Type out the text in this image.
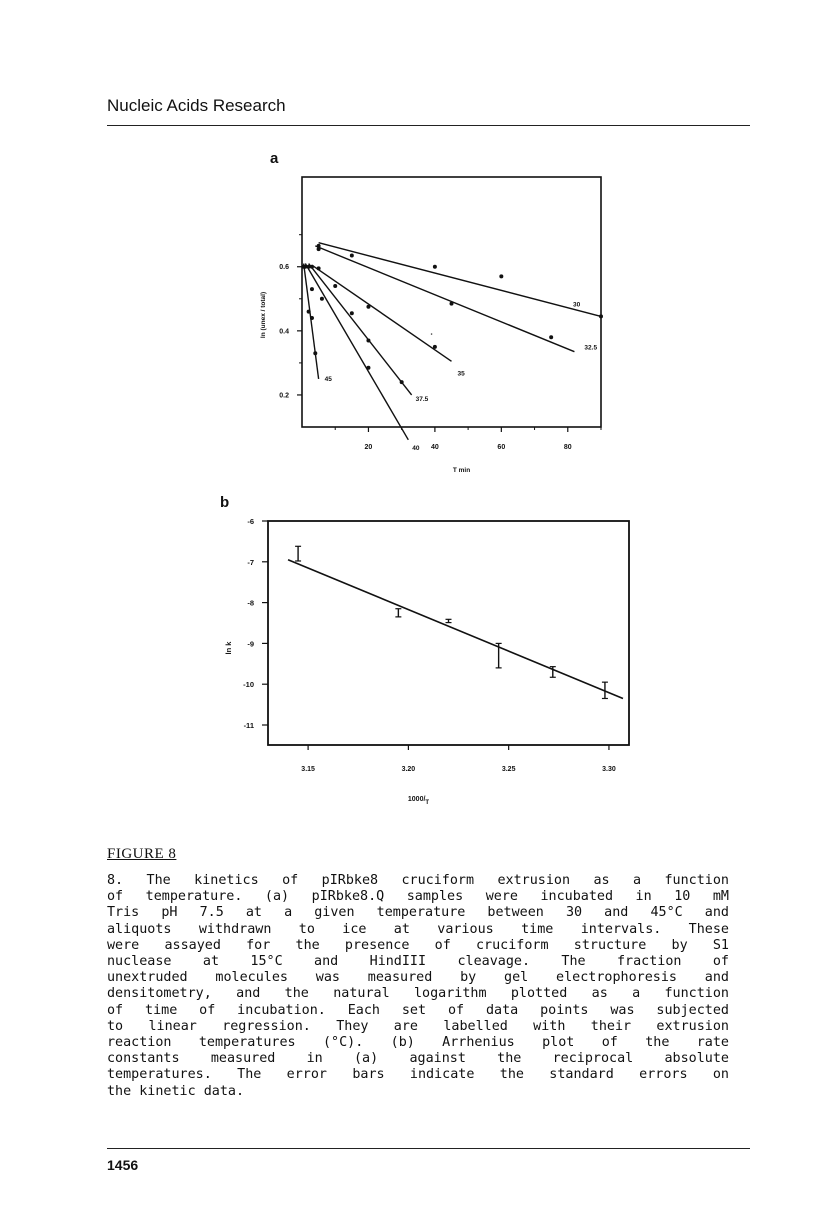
Nucleic Acids Research
a
20	40	60	80
0.2
0.4
0.6
T min
ln (unex / total)	30
32.5
35
37.5
40
45
b
3.15	3.20	3.25	3.30
-6
-7
-8
-9
-10
-11
1000/T
ln k
FIGURE 8
8. The kinetics of pIRbke8 cruciform extrusion as a function
of temperature. (a) pIRbke8.Q samples were incubated in 10 mM
Tris pH 7.5 at a given temperature between 30 and 45°C and
aliquots withdrawn to ice at various time intervals. These
were assayed for the presence of cruciform structure by S1
nuclease at 15°C and HindIII cleavage. The fraction of
unextruded molecules was measured by gel electrophoresis and
densitometry, and the natural logarithm plotted as a function
of time of incubation. Each set of data points was subjected
to linear regression. They are labelled with their extrusion
reaction temperatures (°C). (b) Arrhenius plot of the rate
constants measured in (a) against the reciprocal absolute
temperatures. The error bars indicate the standard errors on
the kinetic data.
1456
